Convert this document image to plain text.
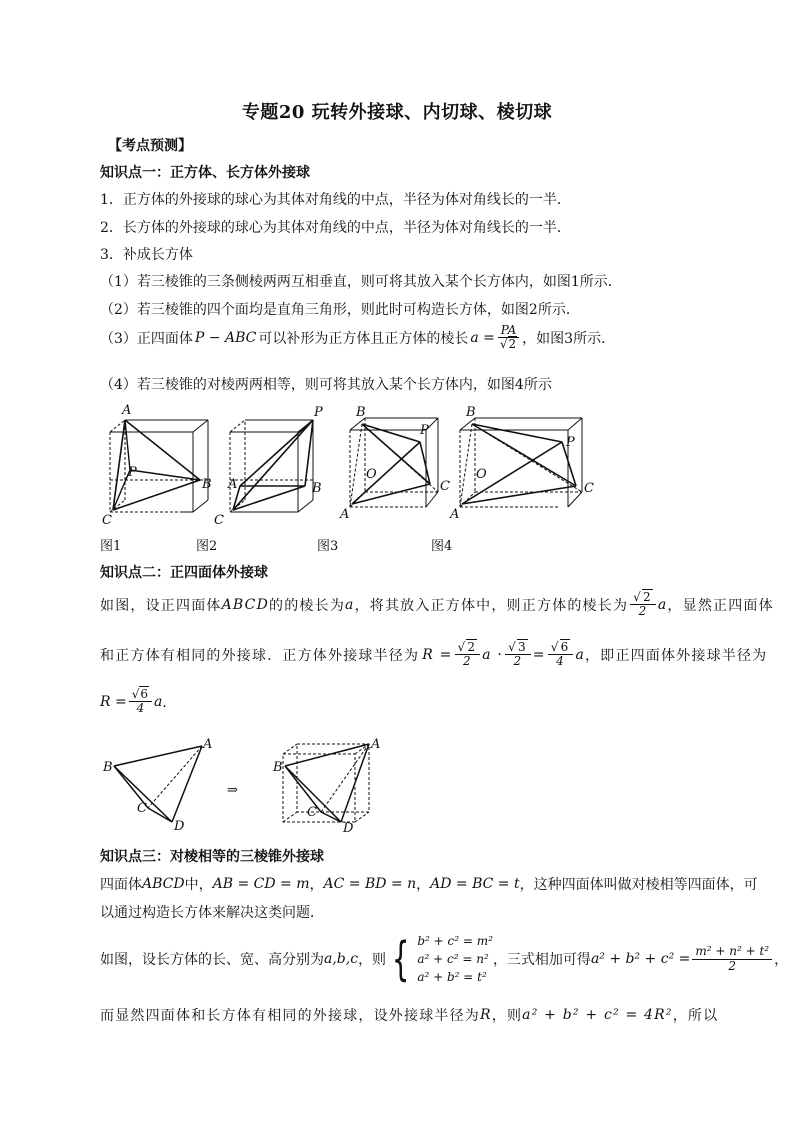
专题20 玩转外接球、内切球、棱切球
【考点预测】
知识点一：正方体、长方体外接球
1．正方体的外接球的球心为其体对角线的中点，半径为体对角线长的一半．
2．长方体的外接球的球心为其体对角线的中点，半径为体对角线长的一半．
3．补成长方体
（1）若三棱锥的三条侧棱两两互相垂直，则可将其放入某个长方体内，如图1所示．
（2）若三棱锥的四个面均是直角三角形，则此时可构造长方体，如图2所示．
（3）正四面体 P − ABC 可以补形为正方体且正方体的棱长 $a = \frac{PA}{√2}$ ，如图3所示．
（4）若三棱锥的对棱两两相等，则可将其放入某个长方体内，如图4所示
A
P
B
C
P
A	B
C
B
P
O
C
A
B
P
O
C
A
图1	图2	图3	图4
知识点二：正四面体外接球
如图，设正四面体 ABCD 的的棱长为 a ，将其放入正方体中，则正方体的棱长为 $\frac{√2}{2}$ a ，显然正四面体
和正方体有相同的外接球．正方体外接球半径为 $R = \frac{√2}{2}$ $a \cdot \frac{√3}{2} = \frac{√6}{4}$ a ，即正四面体外接球半径为
$R = \frac{√6}{4}$ a ．
A
B
C
D
⇒
A
B
C
D
知识点三：对棱相等的三棱锥外接球
四面体 ABCD 中， AB = CD = m ， AC = BD = n ， AD = BC = t ，这种四面体叫做对棱相等四面体，可
以通过构造长方体来解决这类问题．
如图，设长方体的长、宽、高分别为 a,b,c ，则 { b² + c² = m²
a² + c² = n²
a² + b² = t²
，三式相加可得 $a^2 + b^2 + c^2 = \frac{\text{m² + n² + t²}}{2}$ ，
而显然四面体和长方体有相同的外接球，设外接球半径为 R ，则 a² + b² + c² = 4R² ，所以
